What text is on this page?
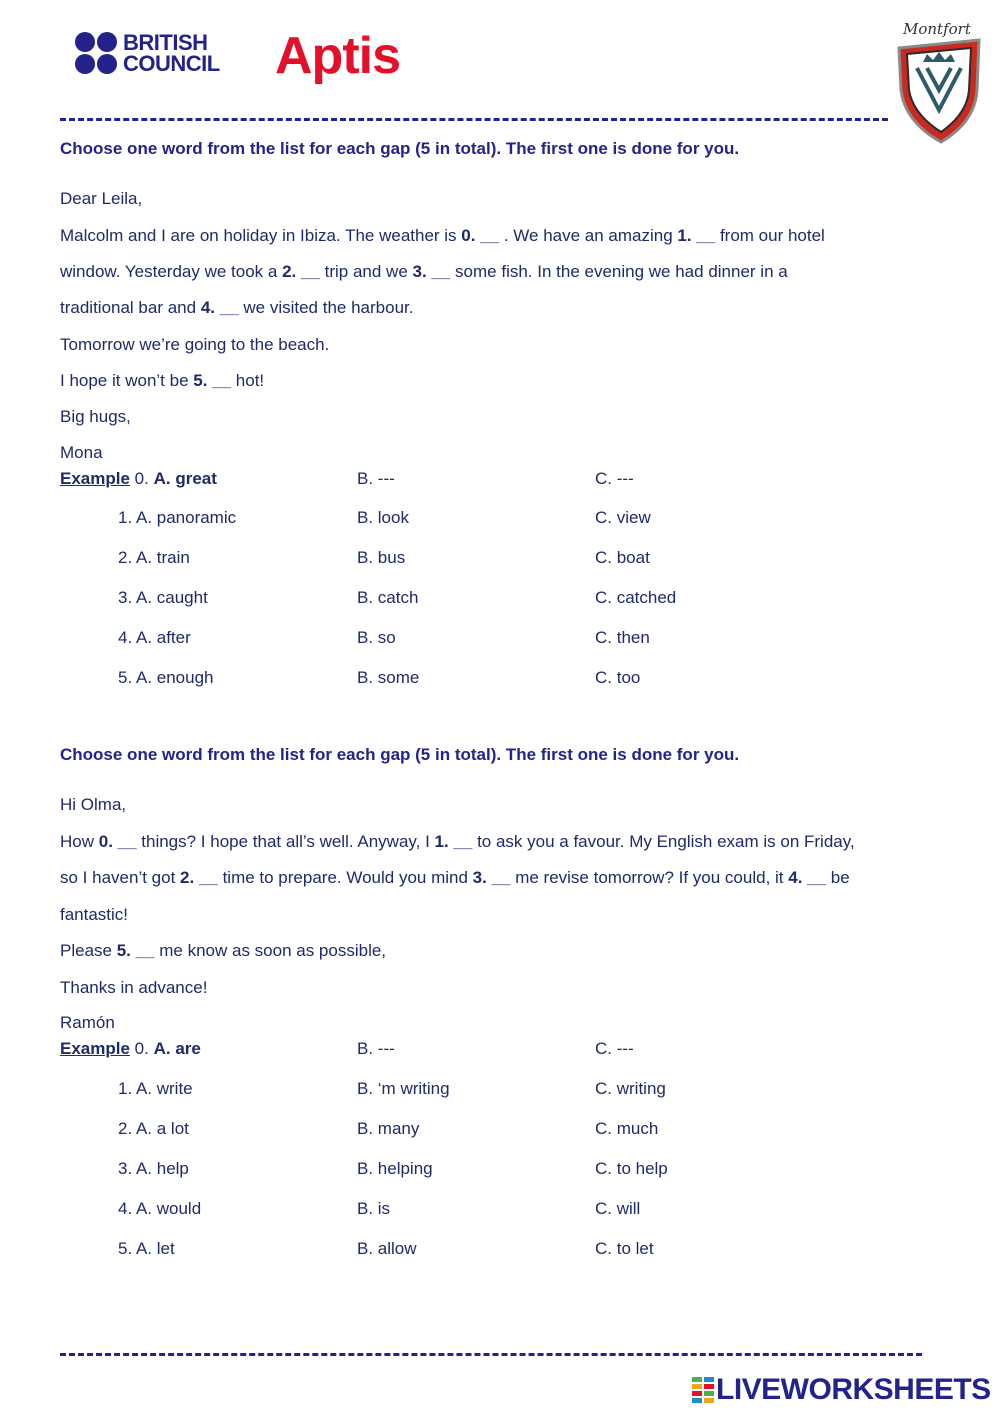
BRITISH
COUNCIL Aptis	Montfort
Choose one word from the list for each gap (5 in total). The first one is done for you.
Dear Leila,
Malcolm and I are on holiday in Ibiza. The weather is 0. __ . We have an amazing 1. __ from our hotel
window. Yesterday we took a 2. __ trip and we 3. __ some fish. In the evening we had dinner in a
traditional bar and 4. __ we visited the harbour.
Tomorrow we’re going to the beach.
I hope it won’t be 5. __ hot!
Big hugs,
Mona
Example 0. A. great	B. ---	C. ---
1. A. panoramic	B. look	C. view
2. A. train	B. bus	C. boat
3. A. caught	B. catch	C. catched
4. A. after	B. so	C. then
5. A. enough	B. some	C. too
Choose one word from the list for each gap (5 in total). The first one is done for you.
Hi Olma,
How 0. __ things? I hope that all’s well. Anyway, I 1. __ to ask you a favour. My English exam is on Friday,
so I haven’t got 2. __ time to prepare. Would you mind 3. __ me revise tomorrow? If you could, it 4. __ be
fantastic!
Please 5. __ me know as soon as possible,
Thanks in advance!
Ramón
Example 0. A. are	B. ---	C. ---
1. A. write	B. ‘m writing	C. writing
2. A. a lot	B. many	C. much
3. A. help	B. helping	C. to help
4. A. would	B. is	C. will
5. A. let	B. allow	C. to let
LIVEWORKSHEETS
